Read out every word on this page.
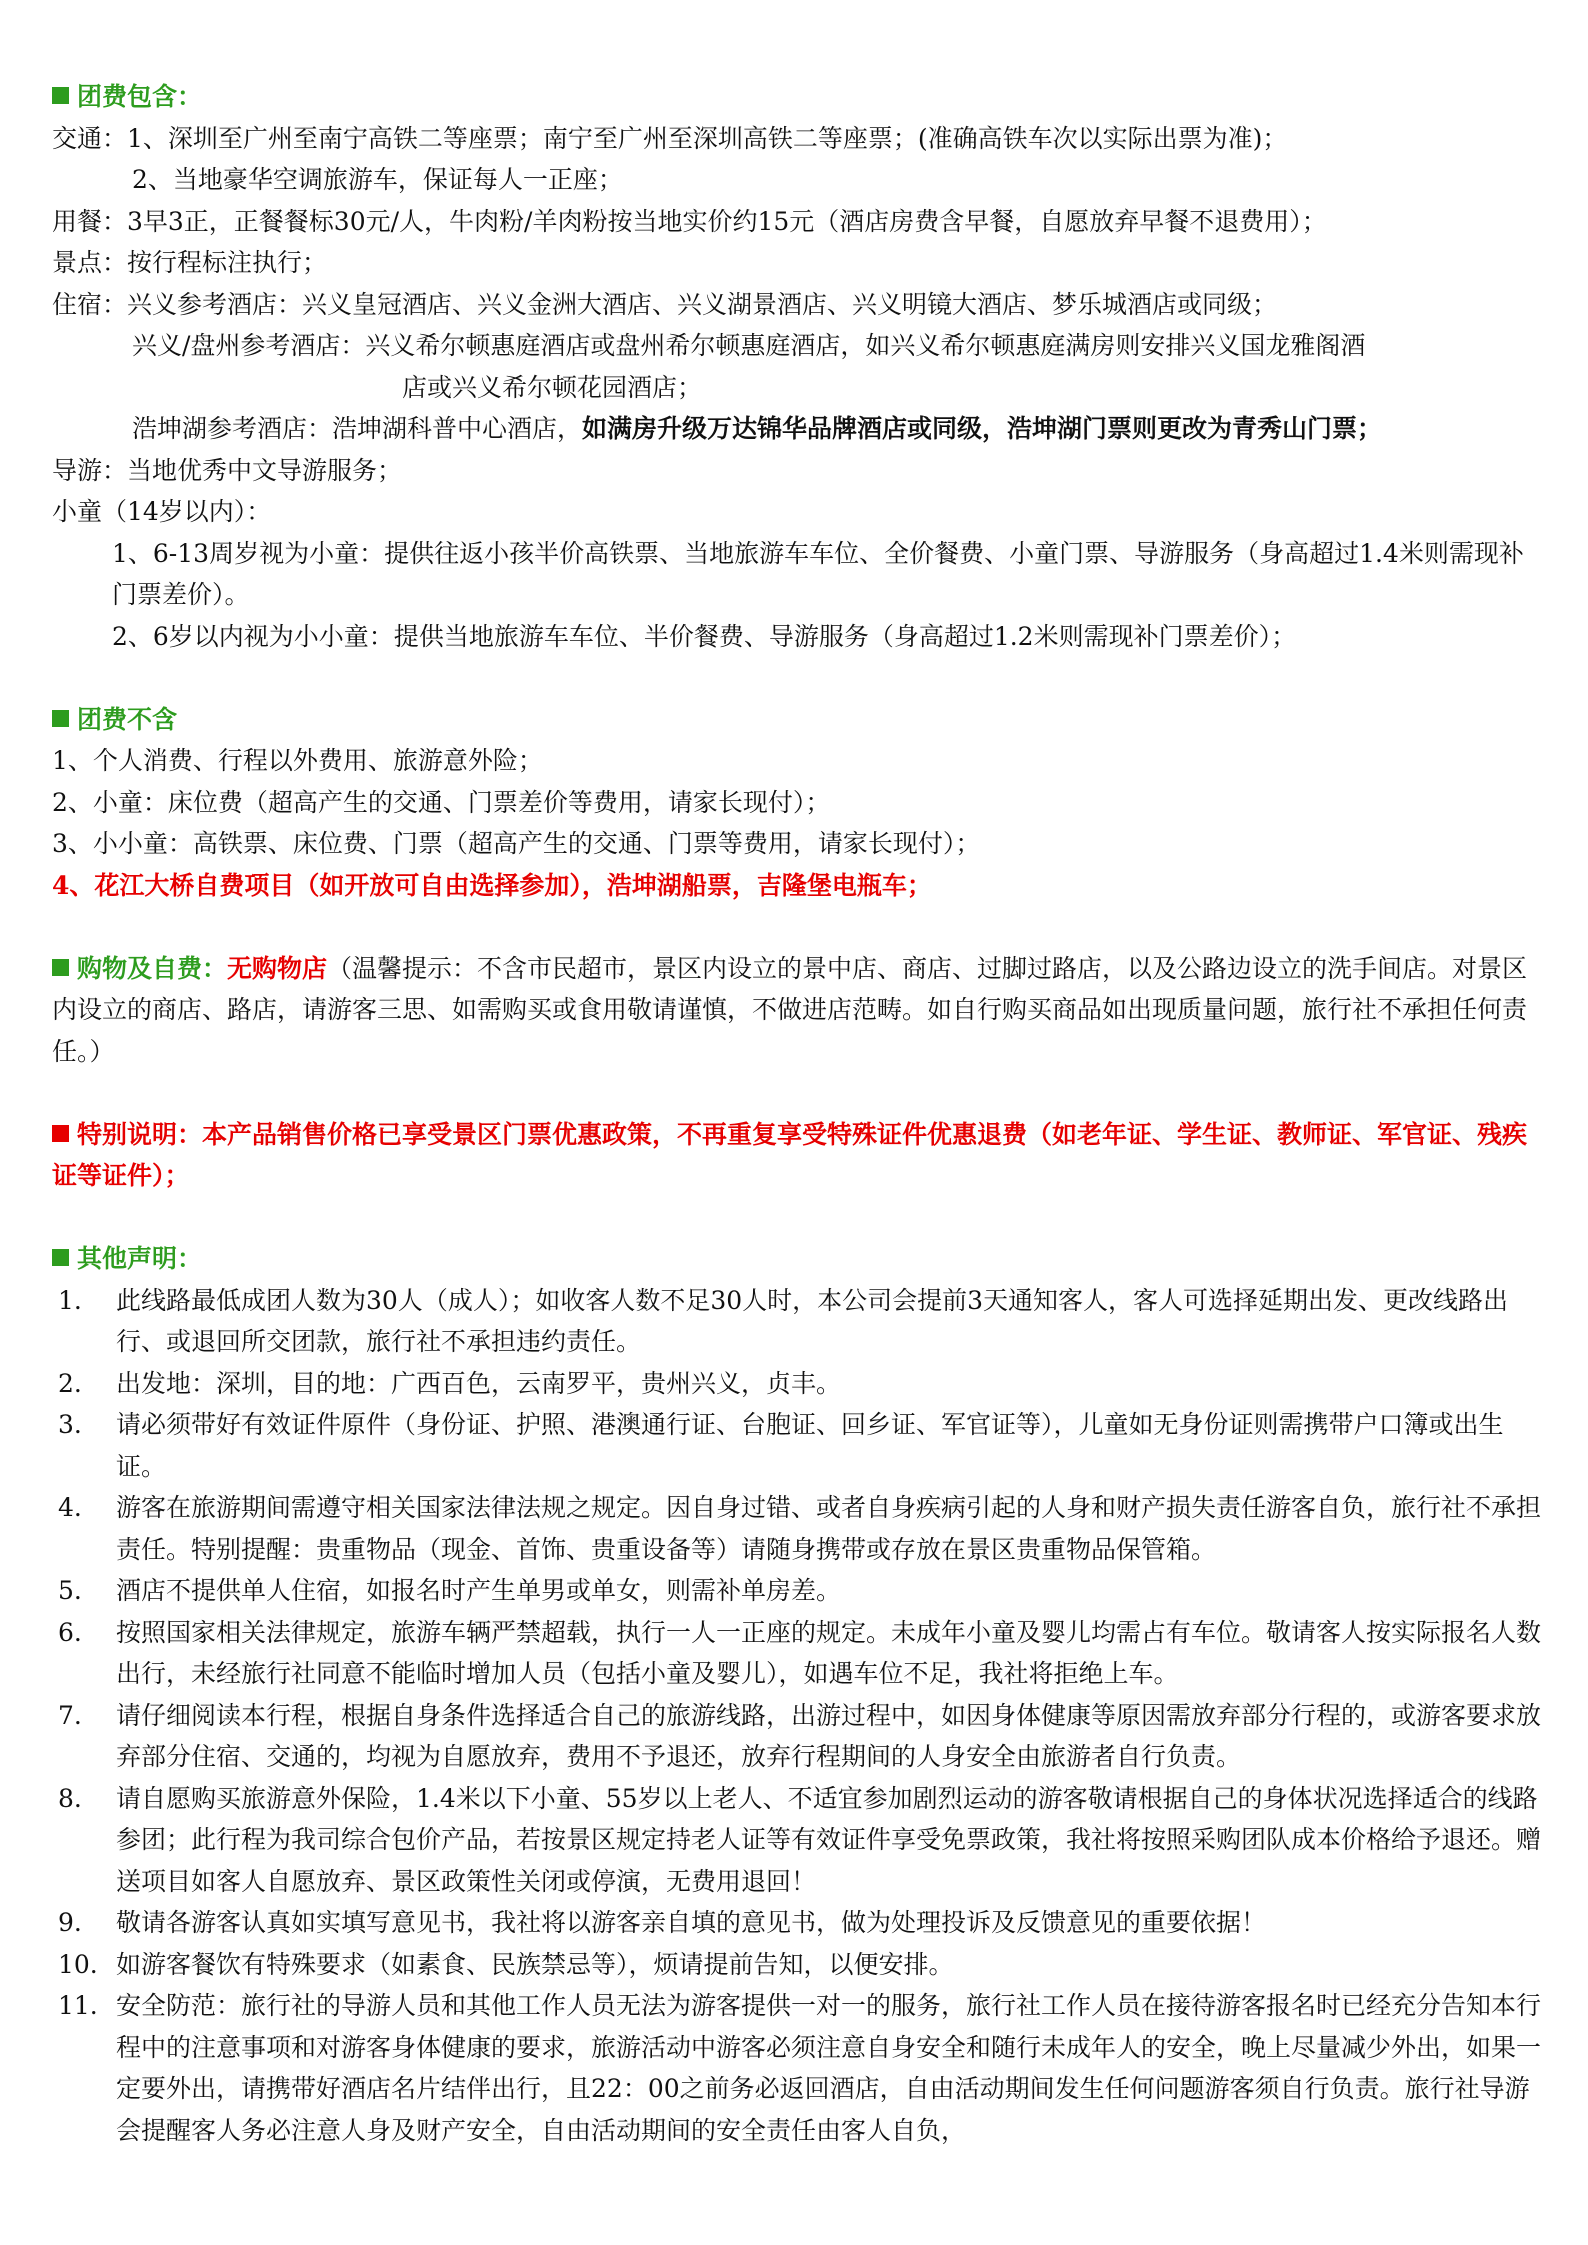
团费包含：
交通：1、深圳至广州至南宁高铁二等座票；南宁至广州至深圳高铁二等座票；(准确高铁车次以实际出票为准)；
2、当地豪华空调旅游车，保证每人一正座；
用餐：3早3正，正餐餐标30元/人，牛肉粉/羊肉粉按当地实价约15元（酒店房费含早餐，自愿放弃早餐不退费用）；
景点：按行程标注执行；
住宿：兴义参考酒店：兴义皇冠酒店、兴义金洲大酒店、兴义湖景酒店、兴义明镜大酒店、梦乐城酒店或同级；
兴义/盘州参考酒店：兴义希尔顿惠庭酒店或盘州希尔顿惠庭酒店，如兴义希尔顿惠庭满房则安排兴义国龙雅阁酒
店或兴义希尔顿花园酒店；
浩坤湖参考酒店：浩坤湖科普中心酒店，如满房升级万达锦华品牌酒店或同级，浩坤湖门票则更改为青秀山门票；
导游：当地优秀中文导游服务；
小童（14岁以内）：
1、6-13周岁视为小童：提供往返小孩半价高铁票、当地旅游车车位、全价餐费、小童门票、导游服务（身高超过1.4米则需现补门票差价）。
2、6岁以内视为小小童：提供当地旅游车车位、半价餐费、导游服务（身高超过1.2米则需现补门票差价）；
团费不含
1、个人消费、行程以外费用、旅游意外险；
2、小童：床位费（超高产生的交通、门票差价等费用，请家长现付）；
3、小小童：高铁票、床位费、门票（超高产生的交通、门票等费用，请家长现付）；
4、花江大桥自费项目（如开放可自由选择参加），浩坤湖船票，吉隆堡电瓶车；
购物及自费：无购物店（温馨提示：不含市民超市，景区内设立的景中店、商店、过脚过路店，以及公路边设立的洗手间店。对景区内设立的商店、路店，请游客三思、如需购买或食用敬请谨慎，不做进店范畴。如自行购买商品如出现质量问题，旅行社不承担任何责任。）
特别说明：本产品销售价格已享受景区门票优惠政策，不再重复享受特殊证件优惠退费（如老年证、学生证、教师证、军官证、残疾证等证件）；
其他声明：
1. 此线路最低成团人数为30人（成人）；如收客人数不足30人时，本公司会提前3天通知客人，客人可选择延期出发、更改线路出行、或退回所交团款，旅行社不承担违约责任。
2. 出发地：深圳，目的地：广西百色，云南罗平，贵州兴义，贞丰。
3. 请必须带好有效证件原件（身份证、护照、港澳通行证、台胞证、回乡证、军官证等），儿童如无身份证则需携带户口簿或出生证。
4. 游客在旅游期间需遵守相关国家法律法规之规定。因自身过错、或者自身疾病引起的人身和财产损失责任游客自负，旅行社不承担责任。特别提醒：贵重物品（现金、首饰、贵重设备等）请随身携带或存放在景区贵重物品保管箱。
5. 酒店不提供单人住宿，如报名时产生单男或单女，则需补单房差。
6. 按照国家相关法律规定，旅游车辆严禁超载，执行一人一正座的规定。未成年小童及婴儿均需占有车位。敬请客人按实际报名人数出行，未经旅行社同意不能临时增加人员（包括小童及婴儿），如遇车位不足，我社将拒绝上车。
7. 请仔细阅读本行程，根据自身条件选择适合自己的旅游线路，出游过程中，如因身体健康等原因需放弃部分行程的，或游客要求放弃部分住宿、交通的，均视为自愿放弃，费用不予退还，放弃行程期间的人身安全由旅游者自行负责。
8. 请自愿购买旅游意外保险，1.4米以下小童、55岁以上老人、不适宜参加剧烈运动的游客敬请根据自己的身体状况选择适合的线路参团；此行程为我司综合包价产品，若按景区规定持老人证等有效证件享受免票政策，我社将按照采购团队成本价格给予退还。赠送项目如客人自愿放弃、景区政策性关闭或停演，无费用退回！
9. 敬请各游客认真如实填写意见书，我社将以游客亲自填的意见书，做为处理投诉及反馈意见的重要依据！
10. 如游客餐饮有特殊要求（如素食、民族禁忌等），烦请提前告知，以便安排。
11. 安全防范：旅行社的导游人员和其他工作人员无法为游客提供一对一的服务，旅行社工作人员在接待游客报名时已经充分告知本行程中的注意事项和对游客身体健康的要求，旅游活动中游客必须注意自身安全和随行未成年人的安全，晚上尽量减少外出，如果一定要外出，请携带好酒店名片结伴出行，且22：00之前务必返回酒店，自由活动期间发生任何问题游客须自行负责。旅行社导游会提醒客人务必注意人身及财产安全，自由活动期间的安全责任由客人自负，
